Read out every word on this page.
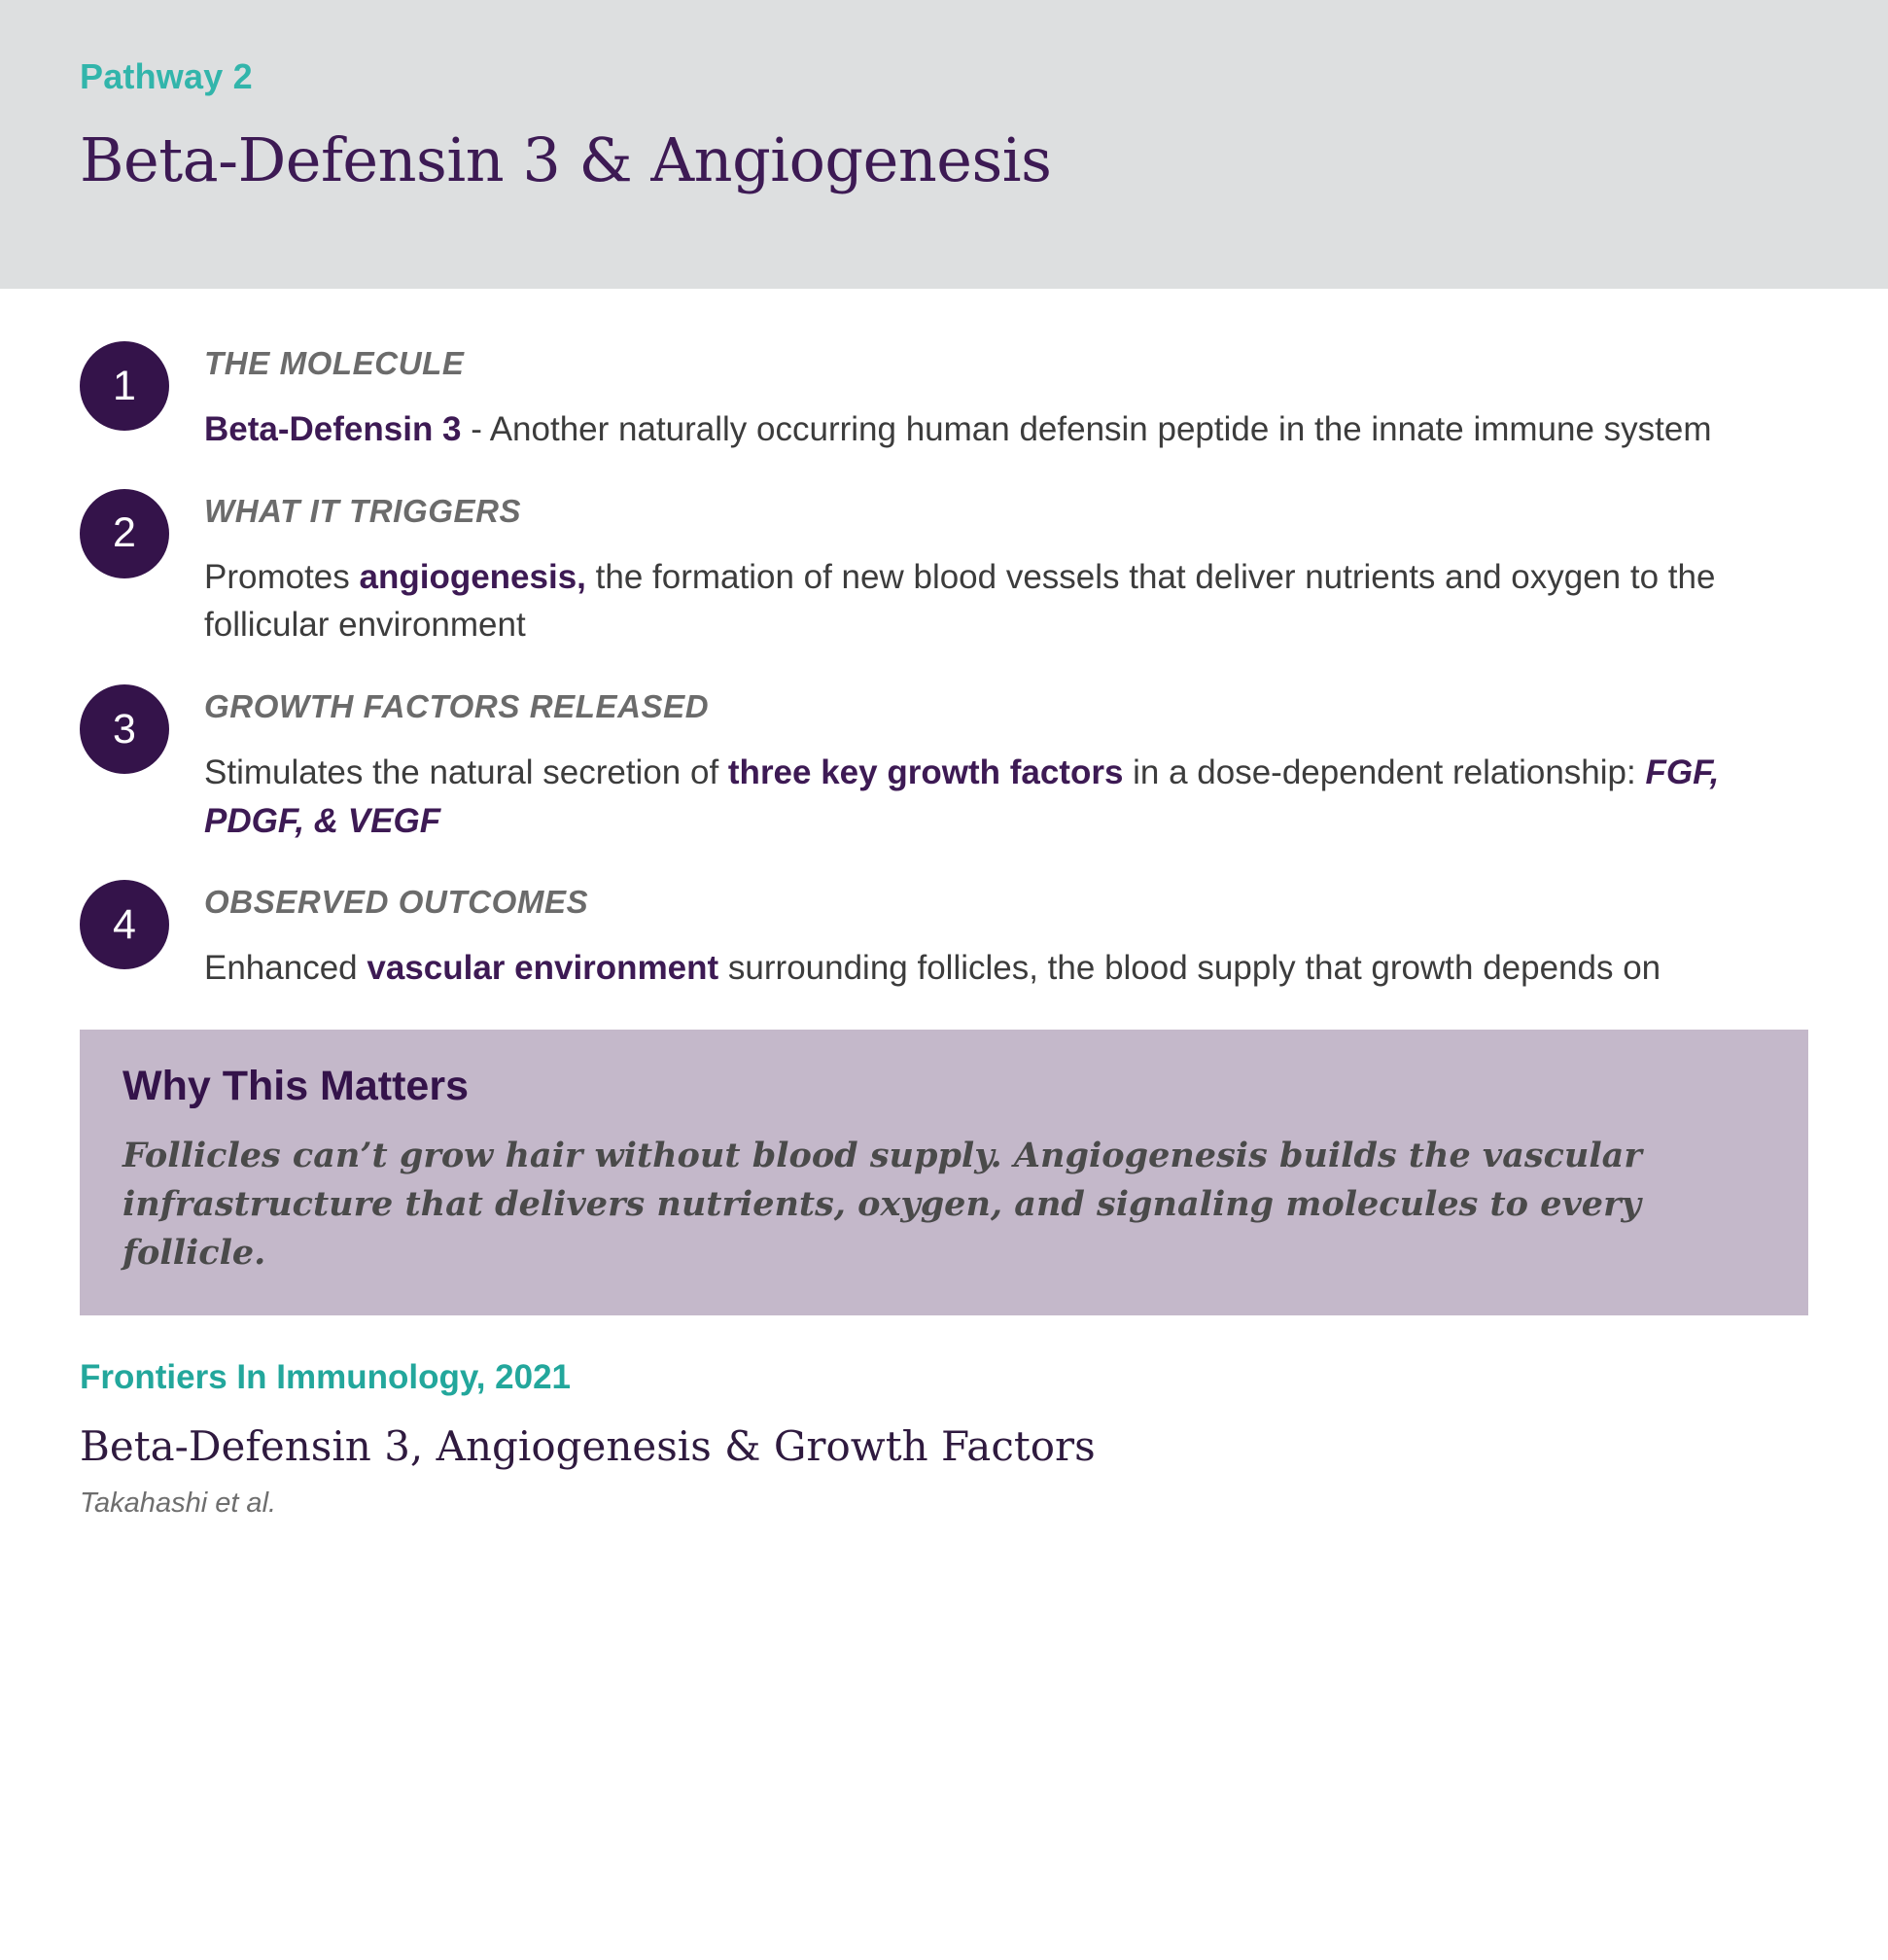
Pathway 2
Beta-Defensin 3 & Angiogenesis
1	THE MOLECULE

Beta-Defensin 3 - Another naturally occurring human defensin peptide in the innate immune system

2	WHAT IT TRIGGERS

Promotes angiogenesis, the formation of new blood vessels that deliver nutrients and oxygen to the follicular environment

3	GROWTH FACTORS RELEASED

Stimulates the natural secretion of three key growth factors in a dose-dependent relationship: FGF, PDGF, & VEGF

4	OBSERVED OUTCOMES

Enhanced vascular environment surrounding follicles, the blood supply that growth depends on

Why This Matters

Follicles can’t grow hair without blood supply. Angiogenesis builds the vascular infrastructure that delivers nutrients, oxygen, and signaling molecules to every follicle.

Frontiers In Immunology, 2021
Beta-Defensin 3, Angiogenesis & Growth Factors
Takahashi et al.
